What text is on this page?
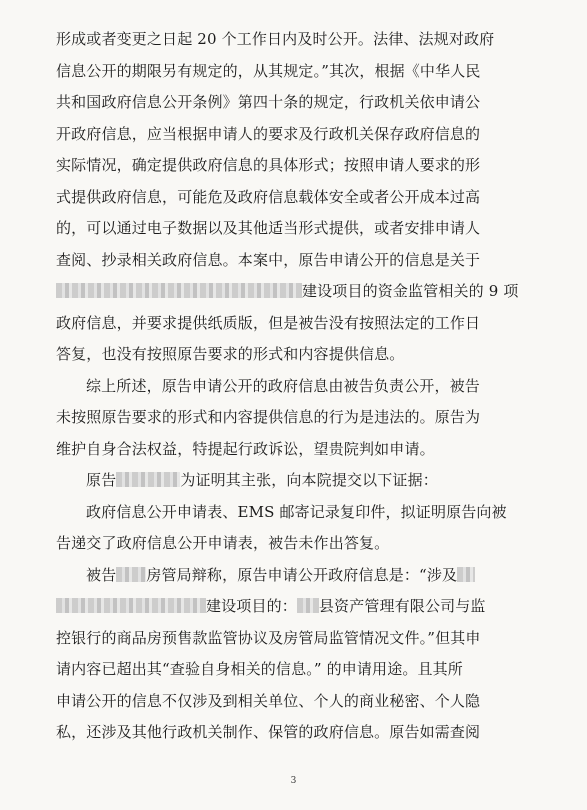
形成或者变更之日起 20 个工作日内及时公开。法律、法规对政府
信息公开的期限另有规定的，从其规定。”其次，根据《中华人民
共和国政府信息公开条例》第四十条的规定，行政机关依申请公
开政府信息，应当根据申请人的要求及行政机关保存政府信息的
实际情况，确定提供政府信息的具体形式；按照申请人要求的形
式提供政府信息，可能危及政府信息载体安全或者公开成本过高
的，可以通过电子数据以及其他适当形式提供，或者安排申请人
查阅、抄录相关政府信息。本案中，原告申请公开的信息是关于
建设项目的资金监管相关的 9 项
政府信息，并要求提供纸质版，但是被告没有按照法定的工作日
答复，也没有按照原告要求的形式和内容提供信息。
综上所述，原告申请公开的政府信息由被告负责公开，被告
未按照原告要求的形式和内容提供信息的行为是违法的。原告为
维护自身合法权益，特提起行政诉讼，望贵院判如申请。
原告	为证明其主张，向本院提交以下证据：
政府信息公开申请表、EMS 邮寄记录复印件，拟证明原告向被
告递交了政府信息公开申请表，被告未作出答复。
被告 房管局辩称，原告申请公开政府信息是：“涉及
建设项目的： 县资产管理有限公司与监
控银行的商品房预售款监管协议及房管局监管情况文件。”但其申
请内容已超出其“查验自身相关的信息。” 的申请用途。且其所
申请公开的信息不仅涉及到相关单位、个人的商业秘密、个人隐
私，还涉及其他行政机关制作、保管的政府信息。原告如需查阅
3
